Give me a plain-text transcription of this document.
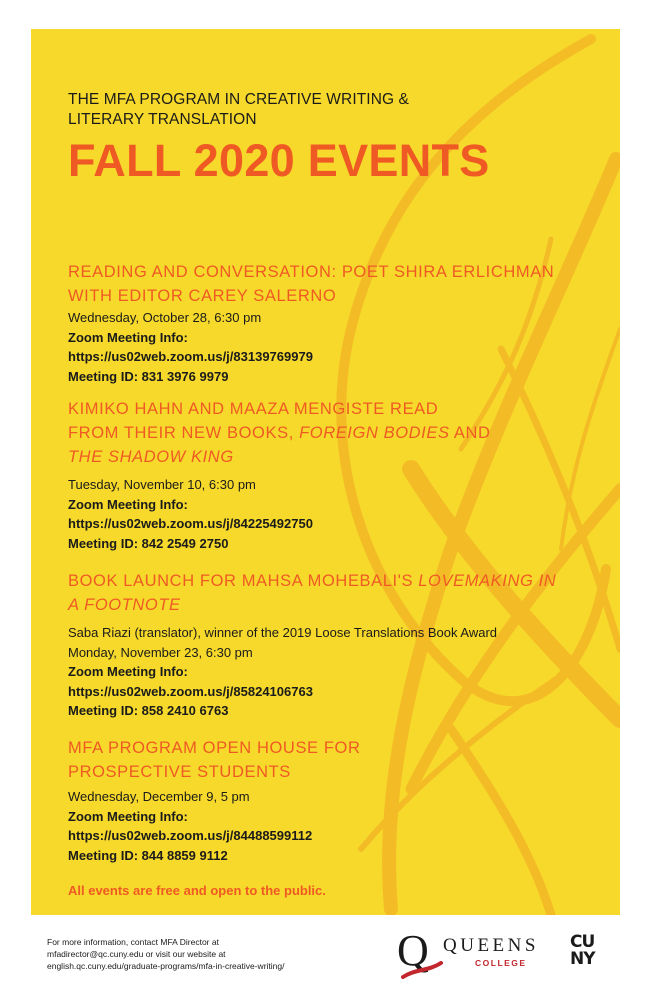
THE MFA PROGRAM IN CREATIVE WRITING &
LITERARY TRANSLATION

FALL 2020 EVENTS

READING AND CONVERSATION: POET SHIRA ERLICHMAN

WITH EDITOR CAREY SALERNO

Wednesday, October 28, 6:30 pm

Zoom Meeting Info:

https://us02web.zoom.us/j/83139769979

Meeting ID: 831 3976 9979

KIMIKO HAHN AND MAAZA MENGISTE READ

FROM THEIR NEW BOOKS, FOREIGN BODIES AND

THE SHADOW KING

Tuesday, November 10, 6:30 pm

Zoom Meeting Info:

https://us02web.zoom.us/j/84225492750

Meeting ID: 842 2549 2750

BOOK LAUNCH FOR MAHSA MOHEBALI'S LOVEMAKING IN

A FOOTNOTE

Saba Riazi (translator), winner of the 2019 Loose Translations Book Award

Monday, November 23, 6:30 pm

Zoom Meeting Info:

https://us02web.zoom.us/j/85824106763

Meeting ID: 858 2410 6763

MFA PROGRAM OPEN HOUSE FOR

PROSPECTIVE STUDENTS

Wednesday, December 9, 5 pm

Zoom Meeting Info:

https://us02web.zoom.us/j/84488599112

Meeting ID: 844 8859 9112

All events are free and open to the public.

For more information, contact MFA Director at
mfadirector@qc.cuny.edu or visit our website at
english.qc.cuny.edu/graduate-programs/mfa-in-creative-writing/	Q QUEENS
COLLEGE
CU
NY
